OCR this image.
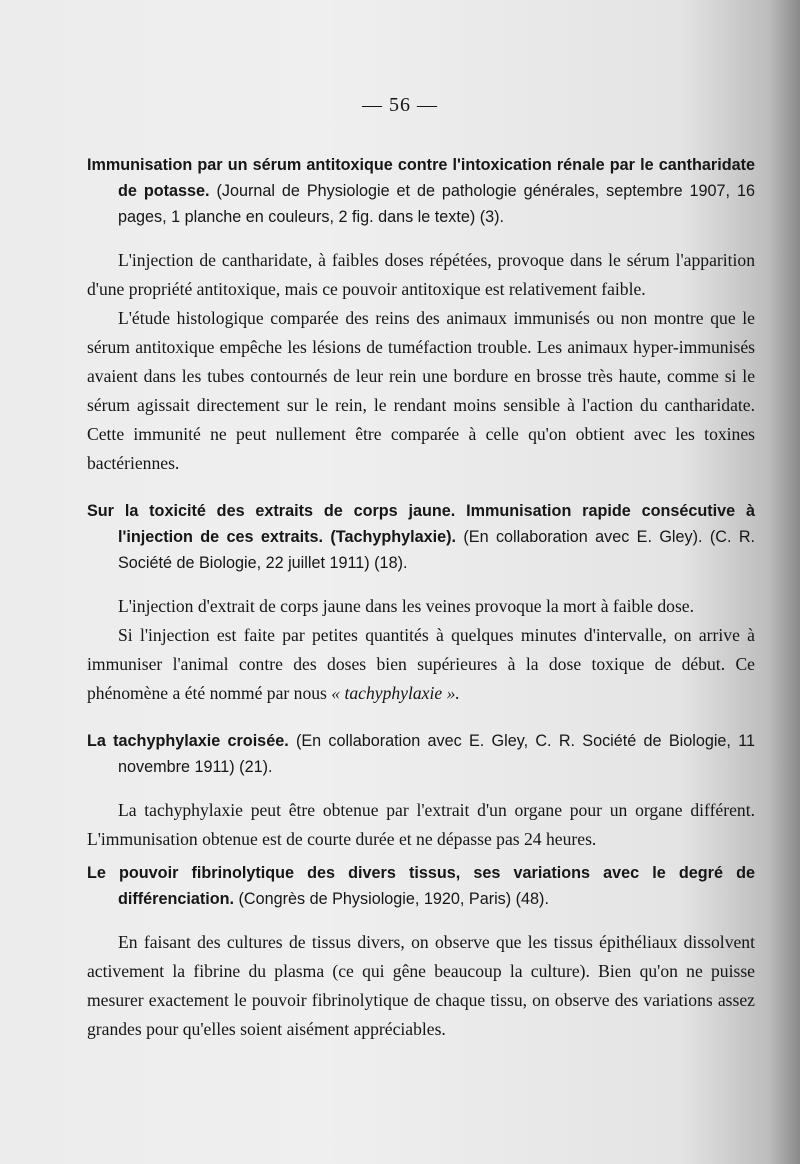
— 56 —

Immunisation par un sérum antitoxique contre l'intoxication rénale par le cantharidate de potasse. (Journal de Physiologie et de pathologie générales, septembre 1907, 16 pages, 1 planche en couleurs, 2 fig. dans le texte) (3).

L'injection de cantharidate, à faibles doses répétées, provoque dans le sérum l'apparition d'une propriété antitoxique, mais ce pouvoir antitoxique est relativement faible.

L'étude histologique comparée des reins des animaux immunisés ou non montre que le sérum antitoxique empêche les lésions de tuméfaction trouble. Les animaux hyper-immunisés avaient dans les tubes contournés de leur rein une bordure en brosse très haute, comme si le sérum agissait directement sur le rein, le rendant moins sensible à l'action du cantharidate. Cette immunité ne peut nullement être comparée à celle qu'on obtient avec les toxines bactériennes.

Sur la toxicité des extraits de corps jaune. Immunisation rapide consécutive à l'injection de ces extraits. (Tachyphylaxie). (En collaboration avec E. Gley). (C. R. Société de Biologie, 22 juillet 1911) (18).

L'injection d'extrait de corps jaune dans les veines provoque la mort à faible dose.

Si l'injection est faite par petites quantités à quelques minutes d'intervalle, on arrive à immuniser l'animal contre des doses bien supérieures à la dose toxique de début. Ce phénomène a été nommé par nous « tachyphylaxie ».

La tachyphylaxie croisée. (En collaboration avec E. Gley, C. R. Société de Biologie, 11 novembre 1911) (21).

La tachyphylaxie peut être obtenue par l'extrait d'un organe pour un organe différent. L'immunisation obtenue est de courte durée et ne dépasse pas 24 heures.

Le pouvoir fibrinolytique des divers tissus, ses variations avec le degré de différenciation. (Congrès de Physiologie, 1920, Paris) (48).

En faisant des cultures de tissus divers, on observe que les tissus épithéliaux dissolvent activement la fibrine du plasma (ce qui gêne beaucoup la culture). Bien qu'on ne puisse mesurer exactement le pouvoir fibrinolytique de chaque tissu, on observe des variations assez grandes pour qu'elles soient aisément appréciables.
